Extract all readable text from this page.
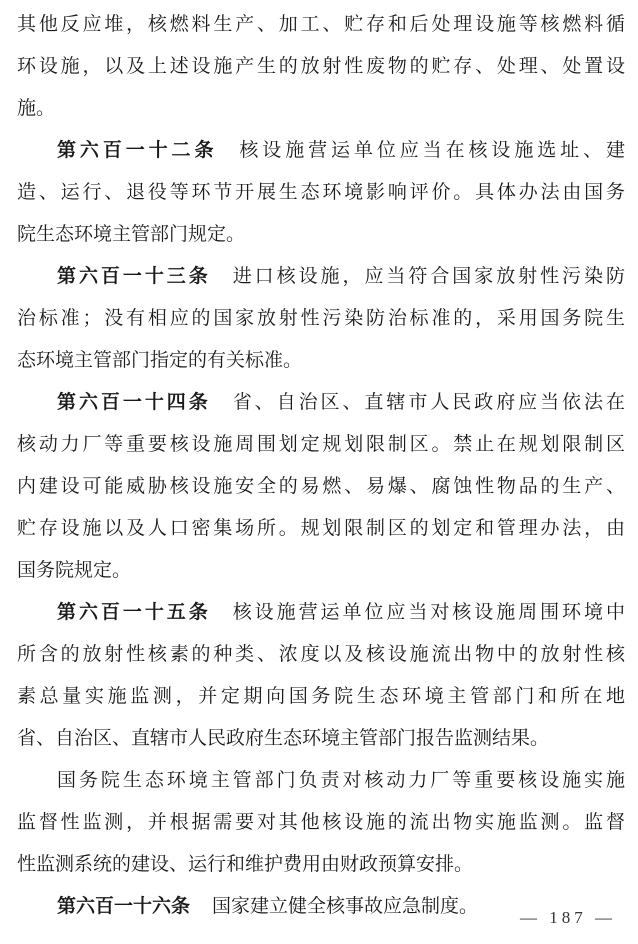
其他反应堆，核燃料生产、加工、贮存和后处理设施等核燃料循
环设施，以及上述设施产生的放射性废物的贮存、处理、处置设
施。
第六百一十二条 核设施营运单位应当在核设施选址、建
造、运行、退役等环节开展生态环境影响评价。具体办法由国务
院生态环境主管部门规定。
第六百一十三条 进口核设施，应当符合国家放射性污染防
治标准；没有相应的国家放射性污染防治标准的，采用国务院生
态环境主管部门指定的有关标准。
第六百一十四条 省、自治区、直辖市人民政府应当依法在
核动力厂等重要核设施周围划定规划限制区。禁止在规划限制区
内建设可能威胁核设施安全的易燃、易爆、腐蚀性物品的生产、
贮存设施以及人口密集场所。规划限制区的划定和管理办法，由
国务院规定。
第六百一十五条 核设施营运单位应当对核设施周围环境中
所含的放射性核素的种类、浓度以及核设施流出物中的放射性核
素总量实施监测，并定期向国务院生态环境主管部门和所在地
省、自治区、直辖市人民政府生态环境主管部门报告监测结果。
国务院生态环境主管部门负责对核动力厂等重要核设施实施
监督性监测，并根据需要对其他核设施的流出物实施监测。监督
性监测系统的建设、运行和维护费用由财政预算安排。
第六百一十六条 国家建立健全核事故应急制度。
— 187 —
